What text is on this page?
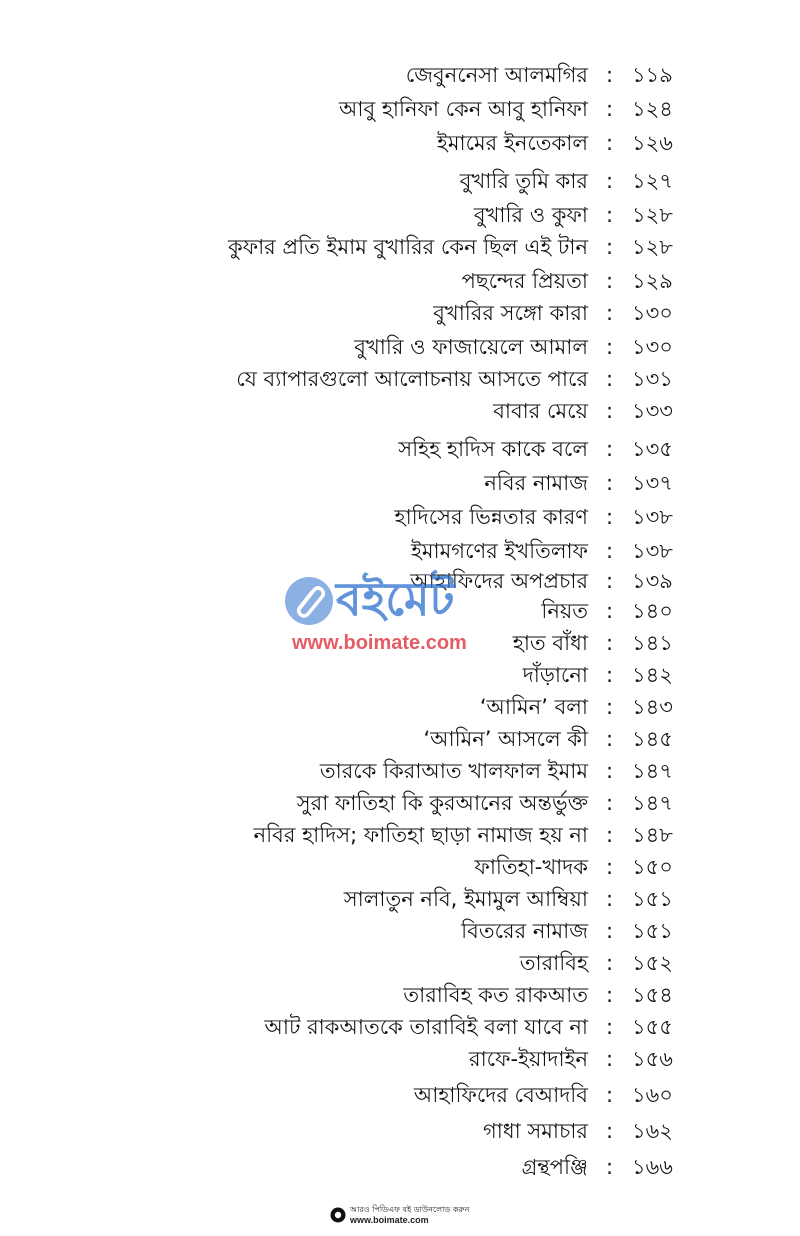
জেবুননেসা আলমগির : ১১৯
আবু হানিফা কেন আবু হানিফা : ১২৪
ইমামের ইনতেকাল : ১২৬
বুখারি তুমি কার : ১২৭
বুখারি ও কুফা : ১২৮
কুফার প্রতি ইমাম বুখারির কেন ছিল এই টান : ১২৮
পছন্দের প্রিয়তা : ১২৯
বুখারির সঙ্গো কারা : ১৩০
বুখারি ও ফাজায়েলে আমাল : ১৩০
যে ব্যাপারগুলো আলোচনায় আসতে পারে : ১৩১
বাবার মেয়ে : ১৩৩
সহিহ হাদিস কাকে বলে : ১৩৫
নবির নামাজ : ১৩৭
হাদিসের ভিন্নতার কারণ : ১৩৮
ইমামগণের ইখতিলাফ : ১৩৮
আহাফিদের অপপ্রচার : ১৩৯
নিয়ত : ১৪০
হাত বাঁধা : ১৪১
দাঁড়ানো : ১৪২
‘আমিন’ বলা : ১৪৩
‘আমিন’ আসলে কী : ১৪৫
তারকে কিরাআত খালফাল ইমাম : ১৪৭
সুরা ফাতিহা কি কুরআনের অন্তর্ভুক্ত : ১৪৭
নবির হাদিস; ফাতিহা ছাড়া নামাজ হয় না : ১৪৮
ফাতিহা-খাদক : ১৫০
সালাতুন নবি, ইমামুল আম্বিয়া : ১৫১
বিতরের নামাজ : ১৫১
তারাবিহ : ১৫২
তারাবিহ কত রাকআত : ১৫৪
আট রাকআতকে তারাবিই বলা যাবে না : ১৫৫
রাফে-ইয়াদাইন : ১৫৬
আহাফিদের বেআদবি : ১৬০
গাধা সমাচার : ১৬২
গ্রন্থপঞ্জি : ১৬৬
বইমেট
www.boimate.com
আরও পিডিএফ বই ডাউনলোড করুন
www.boimate.com
